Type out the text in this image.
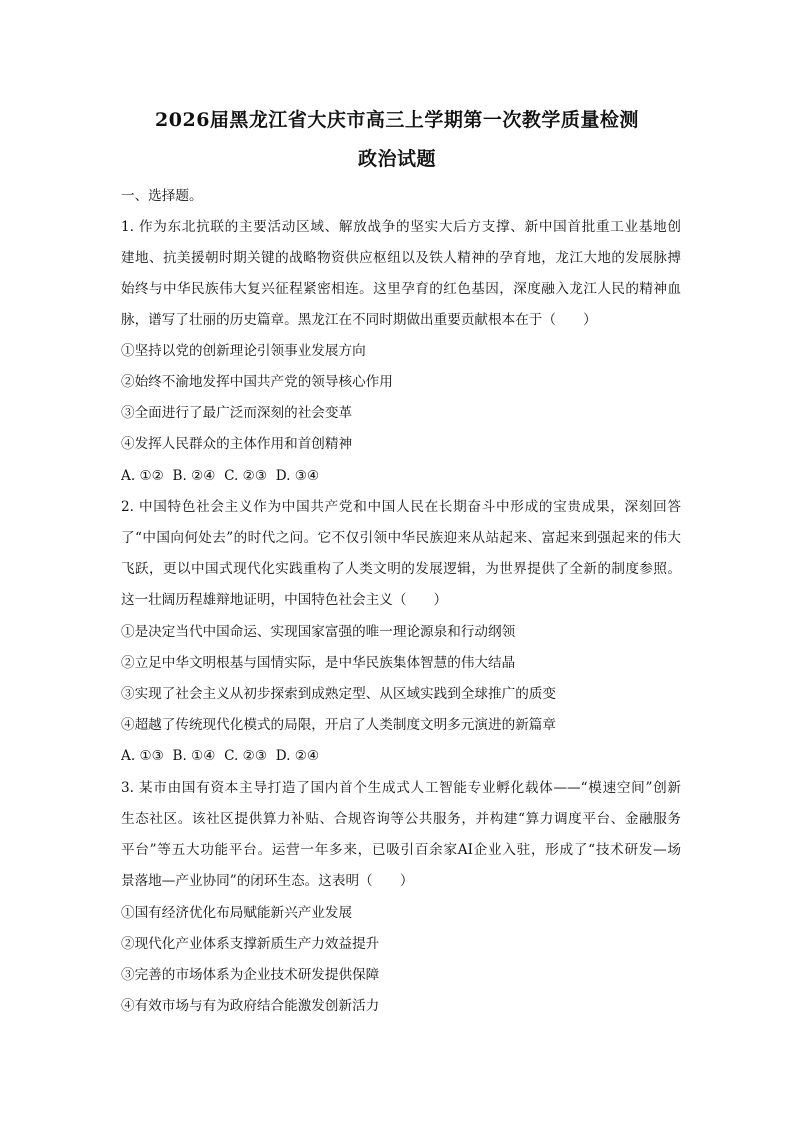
2026届黑龙江省大庆市高三上学期第一次教学质量检测
政治试题
一、选择题。
1. 作为东北抗联的主要活动区域、解放战争的坚实大后方支撑、新中国首批重工业基地创
建地、抗美援朝时期关键的战略物资供应枢纽以及铁人精神的孕育地，龙江大地的发展脉搏
始终与中华民族伟大复兴征程紧密相连。这里孕育的红色基因，深度融入龙江人民的精神血
脉，谱写了壮丽的历史篇章。黑龙江在不同时期做出重要贡献根本在于（　　）
①坚持以党的创新理论引领事业发展方向
②始终不渝地发挥中国共产党的领导核心作用
③全面进行了最广泛而深刻的社会变革
④发挥人民群众的主体作用和首创精神
A. ①②  B. ②④  C. ②③  D. ③④
2. 中国特色社会主义作为中国共产党和中国人民在长期奋斗中形成的宝贵成果，深刻回答
了“中国向何处去”的时代之问。它不仅引领中华民族迎来从站起来、富起来到强起来的伟大
飞跃，更以中国式现代化实践重构了人类文明的发展逻辑，为世界提供了全新的制度参照。
这一壮阔历程雄辩地证明，中国特色社会主义（　　）
①是决定当代中国命运、实现国家富强的唯一理论源泉和行动纲领
②立足中华文明根基与国情实际，是中华民族集体智慧的伟大结晶
③实现了社会主义从初步探索到成熟定型、从区域实践到全球推广的质变
④超越了传统现代化模式的局限，开启了人类制度文明多元演进的新篇章
A. ①③  B. ①④  C. ②③  D. ②④
3. 某市由国有资本主导打造了国内首个生成式人工智能专业孵化载体——“模速空间”创新
生态社区。该社区提供算力补贴、合规咨询等公共服务，并构建“算力调度平台、金融服务
平台”等五大功能平台。运营一年多来，已吸引百余家AI企业入驻，形成了“技术研发—场
景落地—产业协同”的闭环生态。这表明（　　）
①国有经济优化布局赋能新兴产业发展
②现代化产业体系支撑新质生产力效益提升
③完善的市场体系为企业技术研发提供保障
④有效市场与有为政府结合能激发创新活力
